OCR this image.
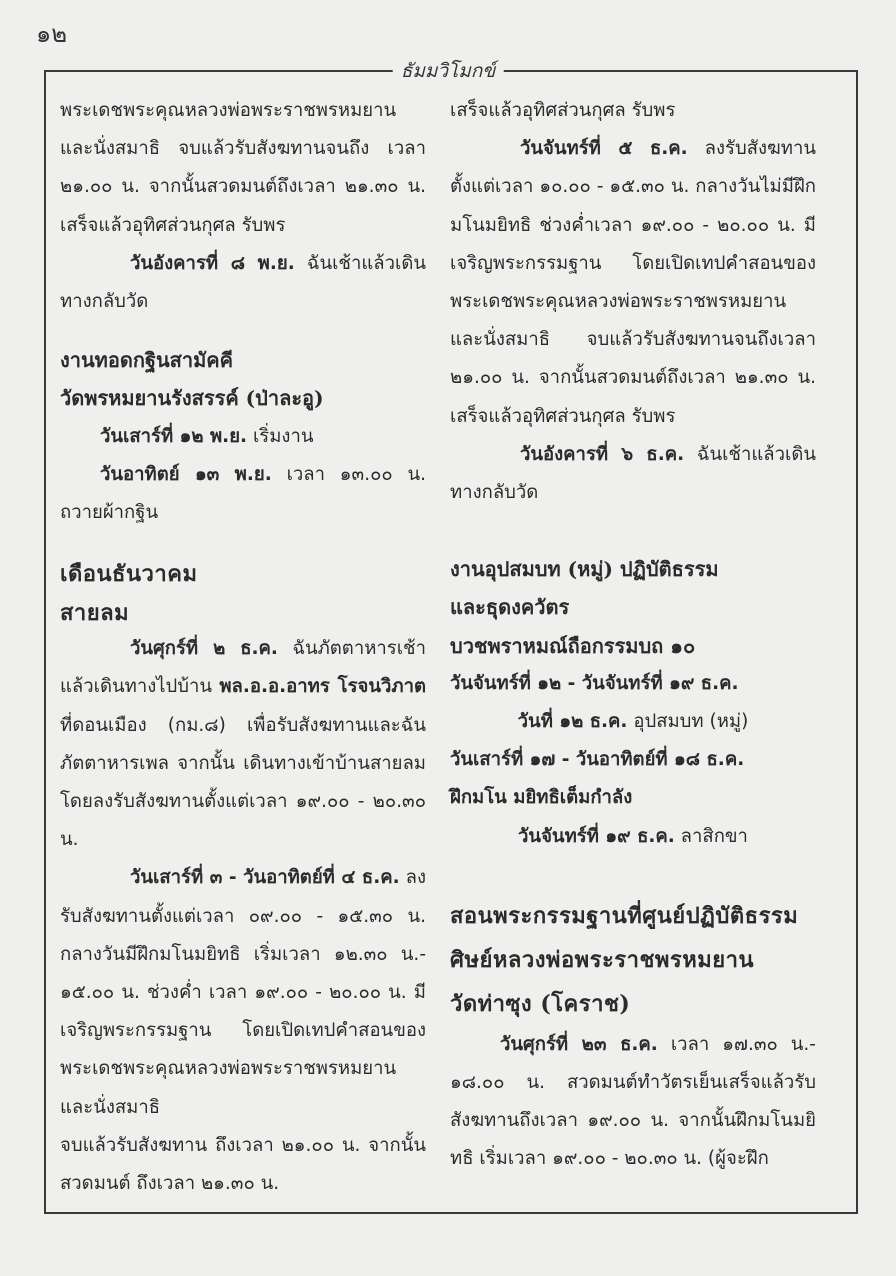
๑๒
ธัมมวิโมกข์

พระเดชพระคุณหลวงพ่อพระราชพรหมยานและนั่งสมาธิ จบแล้วรับสังฆทานจนถึง เวลา ๒๑.๐๐ น. จากนั้นสวดมนต์ถึงเวลา ๒๑.๓๐ น. เสร็จแล้วอุทิศส่วนกุศล รับพร

วันอังคารที่ ๘ พ.ย. ฉันเช้าแล้วเดินทางกลับวัด

งานทอดกฐินสามัคคี

วัดพรหมยานรังสรรค์ (ป่าละอู)

วันเสาร์ที่ ๑๒ พ.ย. เริ่มงาน

วันอาทิตย์ ๑๓ พ.ย. เวลา ๑๓.๐๐ น. ถวายผ้ากฐิน

เดือนธันวาคม

สายลม

วันศุกร์ที่ ๒ ธ.ค. ฉันภัตตาหารเช้าแล้วเดินทางไปบ้าน พล.อ.อ.อาทร โรจนวิภาต ที่ดอนเมือง (กม.๘) เพื่อรับสังฆทานและฉันภัตตาหารเพล จากนั้น เดินทางเข้าบ้านสายลม โดยลงรับสังฆทานตั้งแต่เวลา ๑๙.๐๐ - ๒๐.๓๐ น.

วันเสาร์ที่ ๓ - วันอาทิตย์ที่ ๔ ธ.ค. ลงรับสังฆทานตั้งแต่เวลา ๐๙.๐๐ - ๑๕.๓๐ น. กลางวันมีฝึกมโนมยิทธิ เริ่มเวลา ๑๒.๓๐ น.- ๑๕.๐๐ น. ช่วงค่ำ เวลา ๑๙.๐๐ - ๒๐.๐๐ น. มีเจริญพระกรรมฐาน โดยเปิดเทปคำสอนของพระเดชพระคุณหลวงพ่อพระราชพรหมยานและนั่งสมาธิ

จบแล้วรับสังฆทาน ถึงเวลา ๒๑.๐๐ น. จากนั้นสวดมนต์ ถึงเวลา ๒๑.๓๐ น.

เสร็จแล้วอุทิศส่วนกุศล รับพร

วันจันทร์ที่ ๕ ธ.ค. ลงรับสังฆทาน ตั้งแต่เวลา ๑๐.๐๐ - ๑๕.๓๐ น. กลางวันไม่มีฝึกมโนมยิทธิ ช่วงค่ำเวลา ๑๙.๐๐ - ๒๐.๐๐ น. มีเจริญพระกรรมฐาน โดยเปิดเทปคำสอนของพระเดชพระคุณหลวงพ่อพระราชพรหมยานและนั่งสมาธิ จบแล้วรับสังฆทานจนถึงเวลา ๒๑.๐๐ น. จากนั้นสวดมนต์ถึงเวลา ๒๑.๓๐ น. เสร็จแล้วอุทิศส่วนกุศล รับพร

วันอังคารที่ ๖ ธ.ค. ฉันเช้าแล้วเดินทางกลับวัด

งานอุปสมบท (หมู่) ปฏิบัติธรรม

และธุดงควัตร

บวชพราหมณ์ถือกรรมบถ ๑๐

วันจันทร์ที่ ๑๒ - วันจันทร์ที่ ๑๙ ธ.ค.

วันที่ ๑๒ ธ.ค. อุปสมบท (หมู่)

วันเสาร์ที่ ๑๗ - วันอาทิตย์ที่ ๑๘ ธ.ค.

ฝึกมโน มยิทธิเต็มกำลัง

วันจันทร์ที่ ๑๙ ธ.ค. ลาสิกขา

สอนพระกรรมฐานที่ศูนย์ปฏิบัติธรรม

ศิษย์หลวงพ่อพระราชพรหมยาน

วัดท่าซุง (โคราช)

วันศุกร์ที่ ๒๓ ธ.ค. เวลา ๑๗.๓๐ น.- ๑๘.๐๐ น. สวดมนต์ทำวัตรเย็นเสร็จแล้วรับสังฆทานถึงเวลา ๑๙.๐๐ น. จากนั้นฝึกมโนมยิทธิ เริ่มเวลา ๑๙.๐๐ - ๒๐.๓๐ น. (ผู้จะฝึก
